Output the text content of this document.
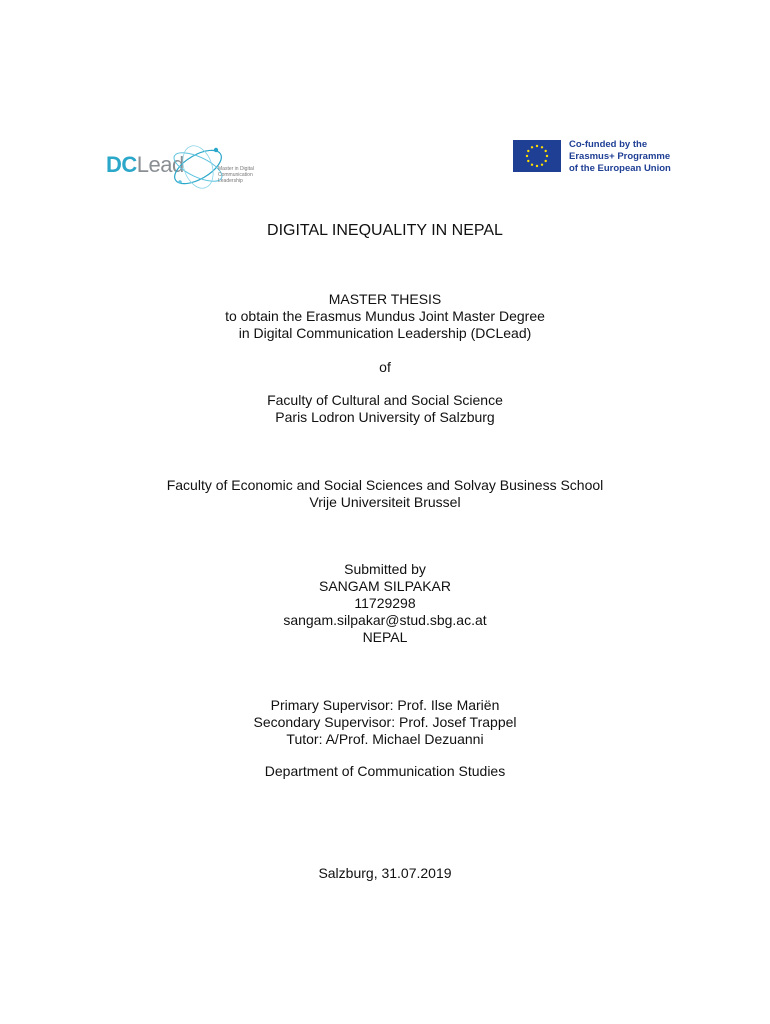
DCLead	Master in Digital
Communication
Leadership
Co-funded by the
Erasmus+ Programme
of the European Union
DIGITAL INEQUALITY IN NEPAL
MASTER THESIS
to obtain the Erasmus Mundus Joint Master Degree
in Digital Communication Leadership (DCLead)
of
Faculty of Cultural and Social Science
Paris Lodron University of Salzburg
Faculty of Economic and Social Sciences and Solvay Business School
Vrije Universiteit Brussel
Submitted by
SANGAM SILPAKAR
11729298
sangam.silpakar@stud.sbg.ac.at
NEPAL
Primary Supervisor: Prof. Ilse Mariën
Secondary Supervisor: Prof. Josef Trappel
Tutor: A/Prof. Michael Dezuanni
Department of Communication Studies
Salzburg, 31.07.2019
